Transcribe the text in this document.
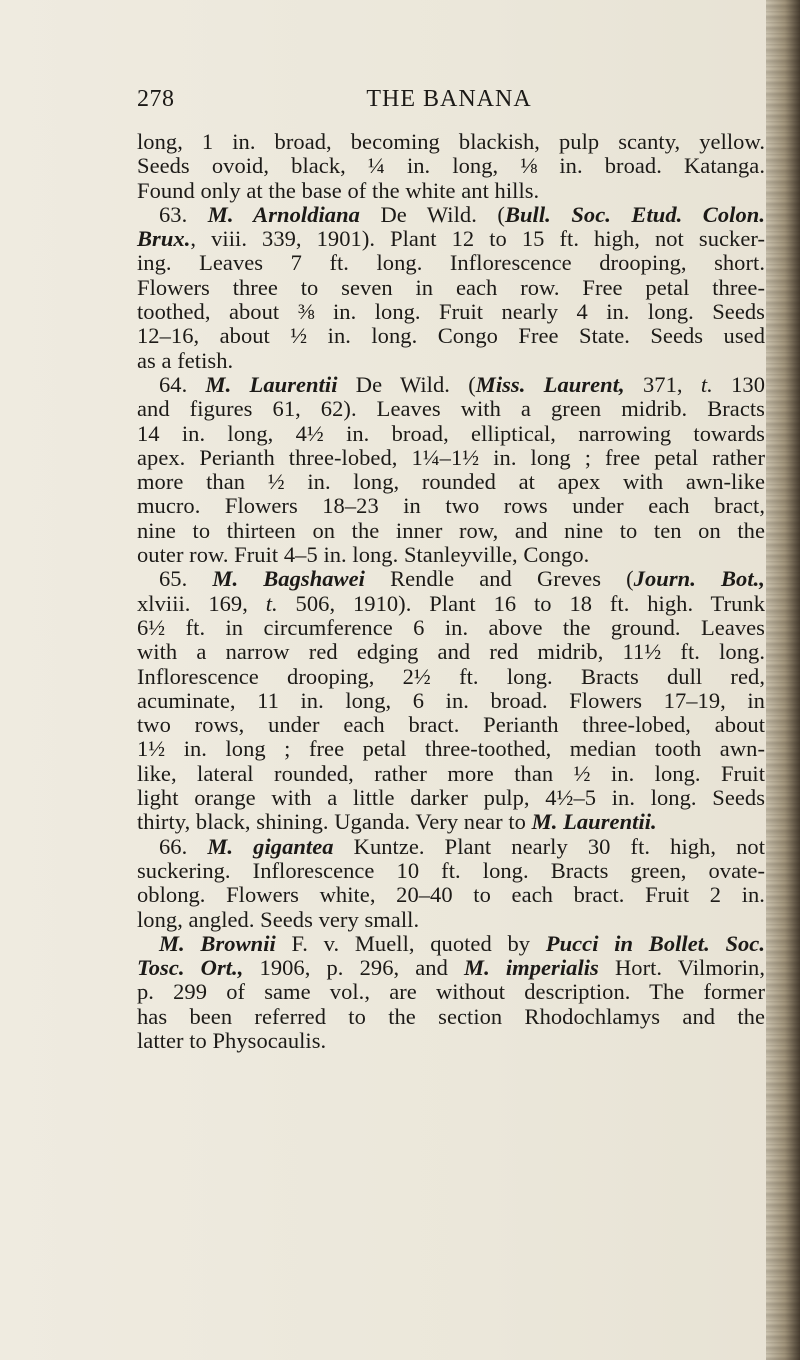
278	THE BANANA
long, 1 in. broad, becoming blackish, pulp scanty, yellow.
Seeds ovoid, black, ¼ in. long, ⅛ in. broad. Katanga.
Found only at the base of the white ant hills.
63. M. Arnoldiana De Wild. (Bull. Soc. Etud. Colon.
Brux., viii. 339, 1901). Plant 12 to 15 ft. high, not sucker-
ing. Leaves 7 ft. long. Inflorescence drooping, short.
Flowers three to seven in each row. Free petal three-
toothed, about ⅜ in. long. Fruit nearly 4 in. long. Seeds
12–16, about ½ in. long. Congo Free State. Seeds used
as a fetish.
64. M. Laurentii De Wild. (Miss. Laurent, 371, t. 130
and figures 61, 62). Leaves with a green midrib. Bracts
14 in. long, 4½ in. broad, elliptical, narrowing towards
apex. Perianth three-lobed, 1¼–1½ in. long ; free petal rather
more than ½ in. long, rounded at apex with awn-like
mucro. Flowers 18–23 in two rows under each bract,
nine to thirteen on the inner row, and nine to ten on the
outer row. Fruit 4–5 in. long. Stanleyville, Congo.
65. M. Bagshawei Rendle and Greves (Journ. Bot.,
xlviii. 169, t. 506, 1910). Plant 16 to 18 ft. high. Trunk
6½ ft. in circumference 6 in. above the ground. Leaves
with a narrow red edging and red midrib, 11½ ft. long.
Inflorescence drooping, 2½ ft. long. Bracts dull red,
acuminate, 11 in. long, 6 in. broad. Flowers 17–19, in
two rows, under each bract. Perianth three-lobed, about
1½ in. long ; free petal three-toothed, median tooth awn-
like, lateral rounded, rather more than ½ in. long. Fruit
light orange with a little darker pulp, 4½–5 in. long. Seeds
thirty, black, shining. Uganda. Very near to M. Laurentii.
66. M. gigantea Kuntze. Plant nearly 30 ft. high, not
suckering. Inflorescence 10 ft. long. Bracts green, ovate-
oblong. Flowers white, 20–40 to each bract. Fruit 2 in.
long, angled. Seeds very small.
M. Brownii F. v. Muell, quoted by Pucci in Bollet. Soc.
Tosc. Ort., 1906, p. 296, and M. imperialis Hort. Vilmorin,
p. 299 of same vol., are without description. The former
has been referred to the section Rhodochlamys and the
latter to Physocaulis.
